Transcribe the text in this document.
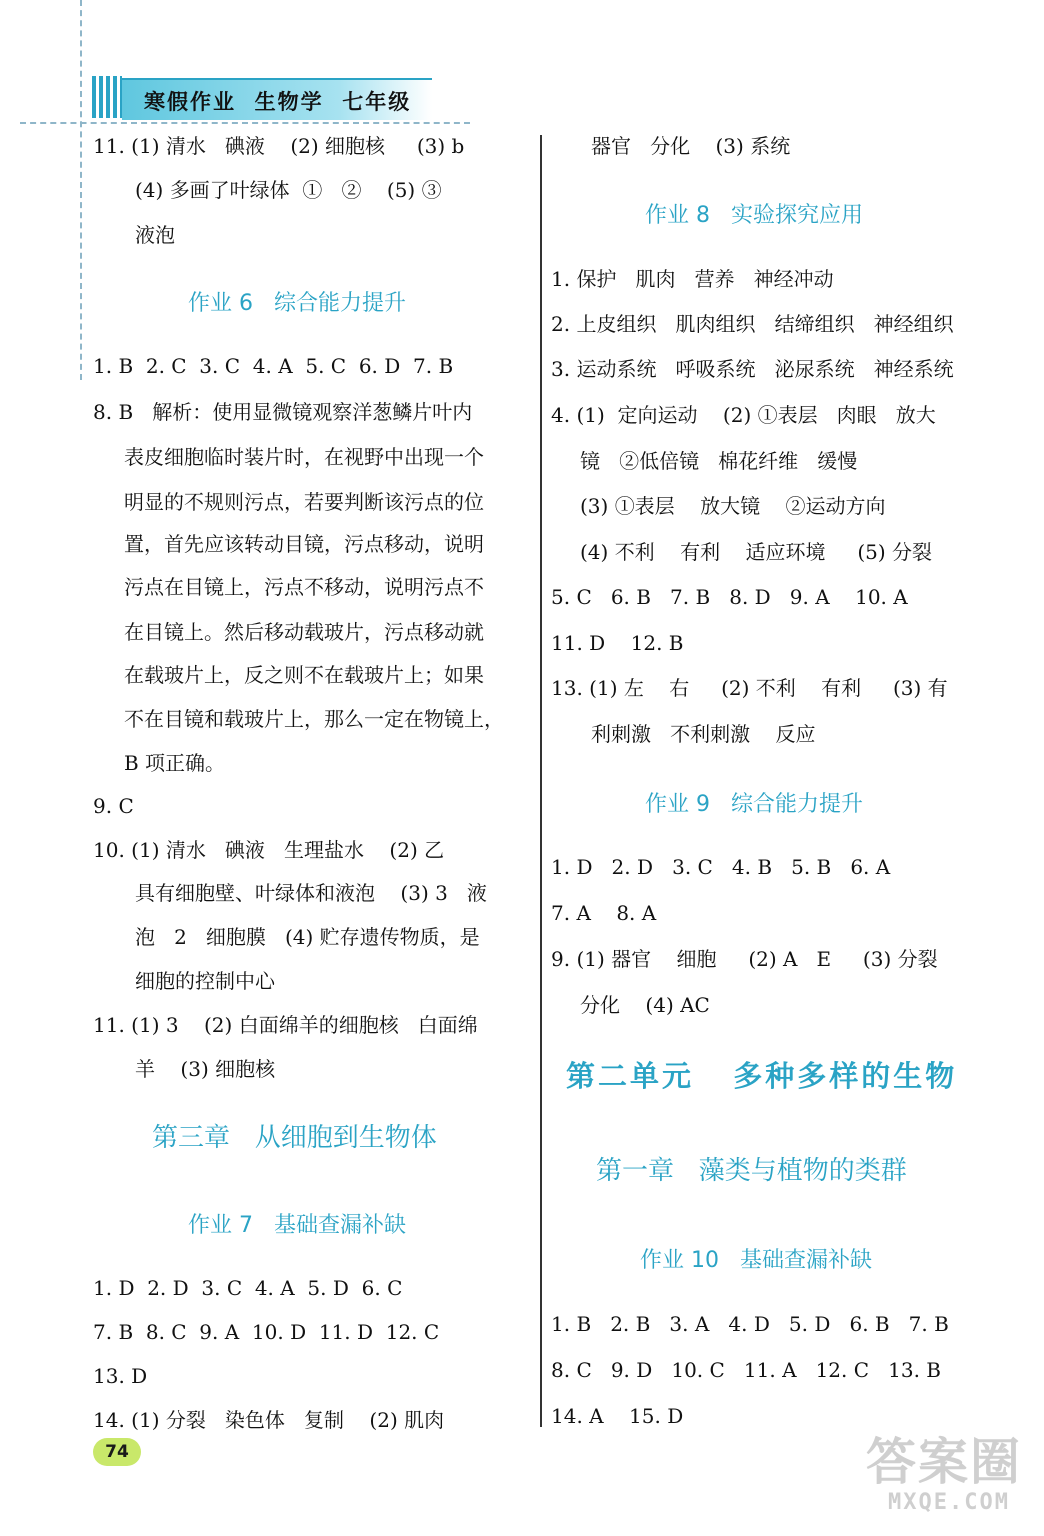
寒假作业  生物学  七年级
11. (1) 清水   碘液    (2) 细胞核     (3) b
(4) 多画了叶绿体  ①   ②    (5) ③
液泡
作业 6   综合能力提升
1. B  2. C  3. C  4. A  5. C  6. D  7. B
8. B   解析：使用显微镜观察洋葱鳞片叶内
表皮细胞临时装片时，在视野中出现一个
明显的不规则污点，若要判断该污点的位
置，首先应该转动目镜，污点移动，说明
污点在目镜上，污点不移动，说明污点不
在目镜上。然后移动载玻片，污点移动就
在载玻片上，反之则不在载玻片上；如果
不在目镜和载玻片上，那么一定在物镜上，
B 项正确。
9. C
10. (1) 清水   碘液   生理盐水    (2) 乙
具有细胞壁、叶绿体和液泡    (3) 3   液
泡   2   细胞膜   (4) 贮存遗传物质，是
细胞的控制中心
11. (1) 3    (2) 白面绵羊的细胞核   白面绵
羊    (3) 细胞核
第三章   从细胞到生物体
作业 7   基础查漏补缺
1. D  2. D  3. C  4. A  5. D  6. C
7. B  8. C  9. A  10. D  11. D  12. C
13. D
14. (1) 分裂   染色体   复制    (2) 肌肉
器官   分化    (3) 系统
作业 8   实验探究应用
1. 保护   肌肉   营养   神经冲动
2. 上皮组织   肌肉组织   结缔组织   神经组织
3. 运动系统   呼吸系统   泌尿系统   神经系统
4. (1)  定向运动    (2) ①表层   肉眼   放大
镜   ②低倍镜   棉花纤维   缓慢
(3) ①表层    放大镜    ②运动方向
(4) 不利    有利    适应环境     (5) 分裂
5. C   6. B   7. B   8. D   9. A    10. A
11. D    12. B
13. (1) 左    右     (2) 不利    有利     (3) 有
利刺激   不利刺激    反应
作业 9   综合能力提升
1. D   2. D   3. C   4. B   5. B   6. A
7. A    8. A
9. (1) 器官    细胞     (2) A   E     (3) 分裂
分化    (4) AC
第二单元   多种多样的生物
第一章   藻类与植物的类群
作业 10   基础查漏补缺
1. B   2. B   3. A   4. D   5. D   6. B   7. B
8. C   9. D   10. C   11. A   12. C   13. B
14. A    15. D
74	答案圈
MXQE.COM
